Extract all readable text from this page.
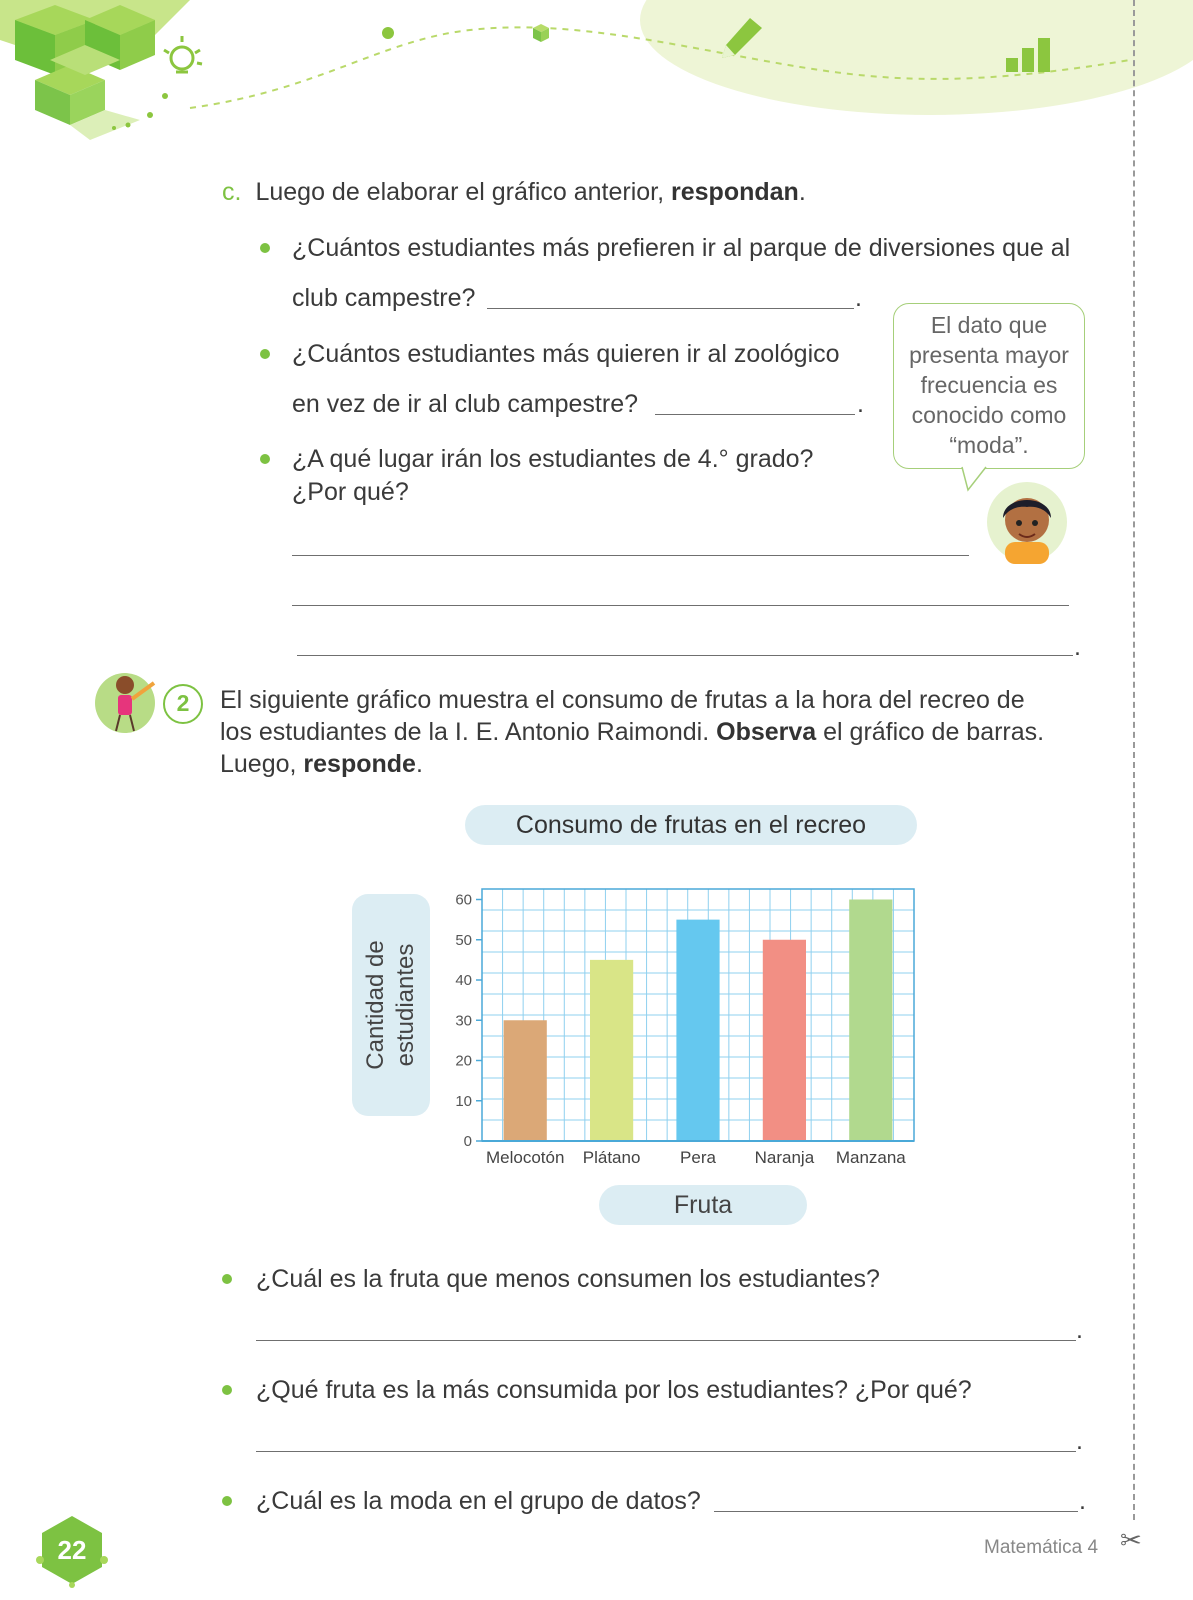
✂
c. Luego de elaborar el gráfico anterior, respondan.
¿Cuántos estudiantes más prefieren ir al parque de diversiones que al
club campestre?	.
¿Cuántos estudiantes más quieren ir al zoológico
en vez de ir al club campestre?	.
¿A qué lugar irán los estudiantes de 4.° grado?
¿Por qué?
.
El dato que
presenta mayor
frecuencia es
conocido como
“moda”.
2	El siguiente gráfico muestra el consumo de frutas a la hora del recreo de
los estudiantes de la I. E. Antonio Raimondi. Observa el gráfico de barras.
Luego, responde.
Consumo de frutas en el recreo
Cantidad de estudiantes
0
10
20
30
40
50
60
Melocotón Plátano Pera Naranja Manzana
Fruta
¿Cuál es la fruta que menos consumen los estudiantes?
.
¿Qué fruta es la más consumida por los estudiantes? ¿Por qué?
.
¿Cuál es la moda en el grupo de datos?	.
22	Matemática 4
